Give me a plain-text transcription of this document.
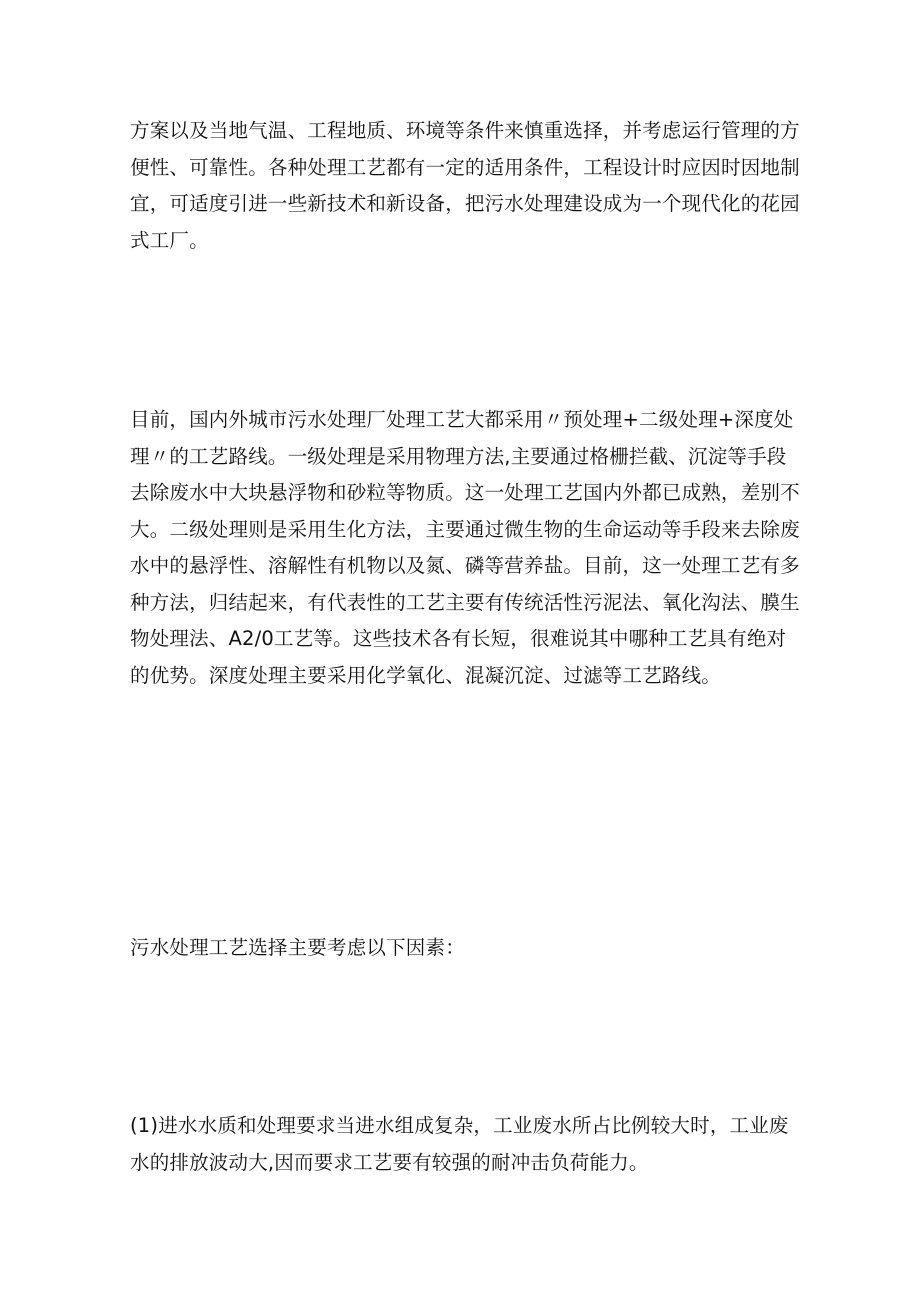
方案以及当地气温、工程地质、环境等条件来慎重选择，并考虑运行管理的方便性、可靠性。各种处理工艺都有一定的适用条件，工程设计时应因时因地制宜，可适度引进一些新技术和新设备，把污水处理建设成为一个现代化的花园式工厂。

目前，国内外城市污水处理厂处理工艺大都采用〃预处理+二级处理+深度处理〃的工艺路线。一级处理是采用物理方法,主要通过格栅拦截、沉淀等手段去除废水中大块悬浮物和砂粒等物质。这一处理工艺国内外都已成熟，差别不大。二级处理则是采用生化方法，主要通过微生物的生命运动等手段来去除废水中的悬浮性、溶解性有机物以及氮、磷等营养盐。目前，这一处理工艺有多种方法，归结起来，有代表性的工艺主要有传统活性污泥法、氧化沟法、膜生物处理法、A2/0工艺等。这些技术各有长短，很难说其中哪种工艺具有绝对的优势。深度处理主要采用化学氧化、混凝沉淀、过滤等工艺路线。

污水处理工艺选择主要考虑以下因素：

(1)进水水质和处理要求当进水组成复杂，工业废水所占比例较大时，工业废水的排放波动大,因而要求工艺要有较强的耐冲击负荷能力。
